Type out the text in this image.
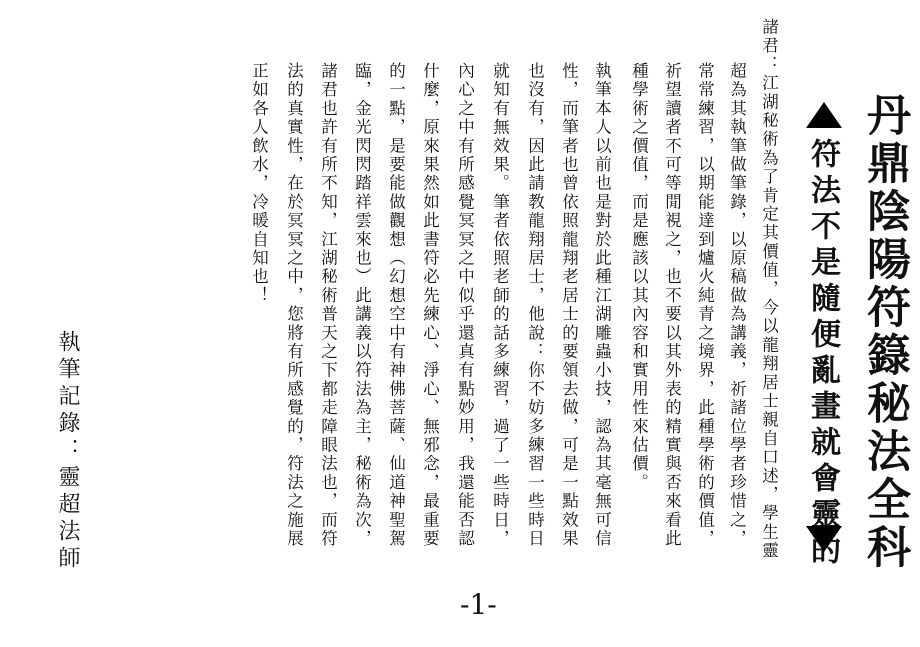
丹鼎陰陽符籙秘法全科
符法不是隨便亂畫就會靈的
諸君：江湖秘術為了肯定其價值，今以龍翔居士親自口述，學生靈
超為其執筆做筆錄，以原稿做為講義，祈諸位學者珍惜之，
常常練習，以期能達到爐火純青之境界，此種學術的價值，
祈望讀者不可等閒視之，也不要以其外表的精實與否來看此
種學術之價值，而是應該以其內容和實用性來估價。
執筆本人以前也是對於此種江湖雕蟲小技，認為其毫無可信
性，而筆者也曾依照龍翔老居士的要領去做，可是一點效果
也沒有，因此請教龍翔居士，他說：你不妨多練習一些時日
就知有無效果。筆者依照老師的話多練習，過了一些時日，
內心之中有所感覺冥冥之中似乎還真有點妙用，我還能否認
什麼，原來果然如此書符必先練心、淨心、無邪念，最重要
的一點，是要能做觀想（幻想空中有神佛菩薩、仙道神聖駕
臨，金光閃閃踏祥雲來也）此講義以符法為主，秘術為次，
諸君也許有所不知，江湖秘術普天之下都走障眼法也，而符
法的真實性，在於冥冥之中，您將有所感覺的，符法之施展
正如各人飲水，冷暖自知也！
執筆記錄：靈超法師
-1-
